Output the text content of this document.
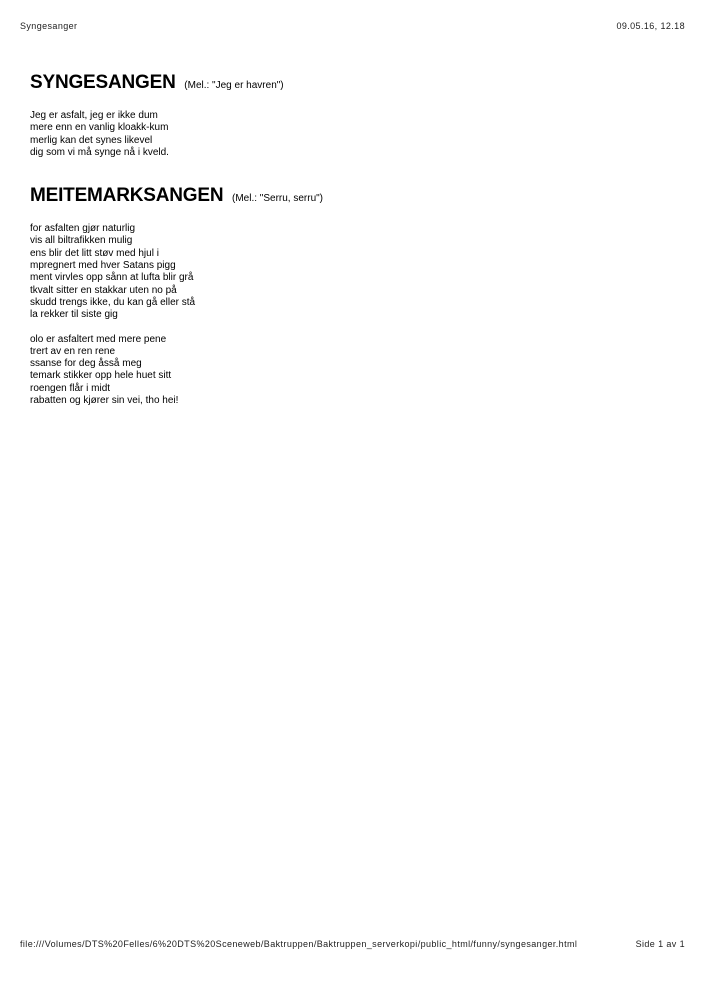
Syngesanger	09.05.16, 12.18
SYNGESANGEN (Mel.: "Jeg er havren")
Jeg er asfalt, jeg er ikke dum
mere enn en vanlig kloakk-kum
merlig kan det synes likevel
dig som vi må synge nå i kveld.
MEITEMARKSANGEN (Mel.: "Serru, serru")
for asfalten gjør naturlig
vis all biltrafikken mulig
ens blir det litt støv med hjul i
mpregnert med hver Satans pigg
ment virvles opp sånn at lufta blir grå
tkvalt sitter en stakkar uten no på
skudd trengs ikke, du kan gå eller stå
la rekker til siste gig
olo er asfaltert med mere pene
trert av en ren rene
ssanse for deg åsså meg
temark stikker opp hele huet sitt
roengen flår i midt
rabatten og kjører sin vei, tho hei!
file:///Volumes/DTS%20Felles/6%20DTS%20Sceneweb/Baktruppen/Baktruppen_serverkopi/public_html/funny/syngesanger.html	Side 1 av 1
